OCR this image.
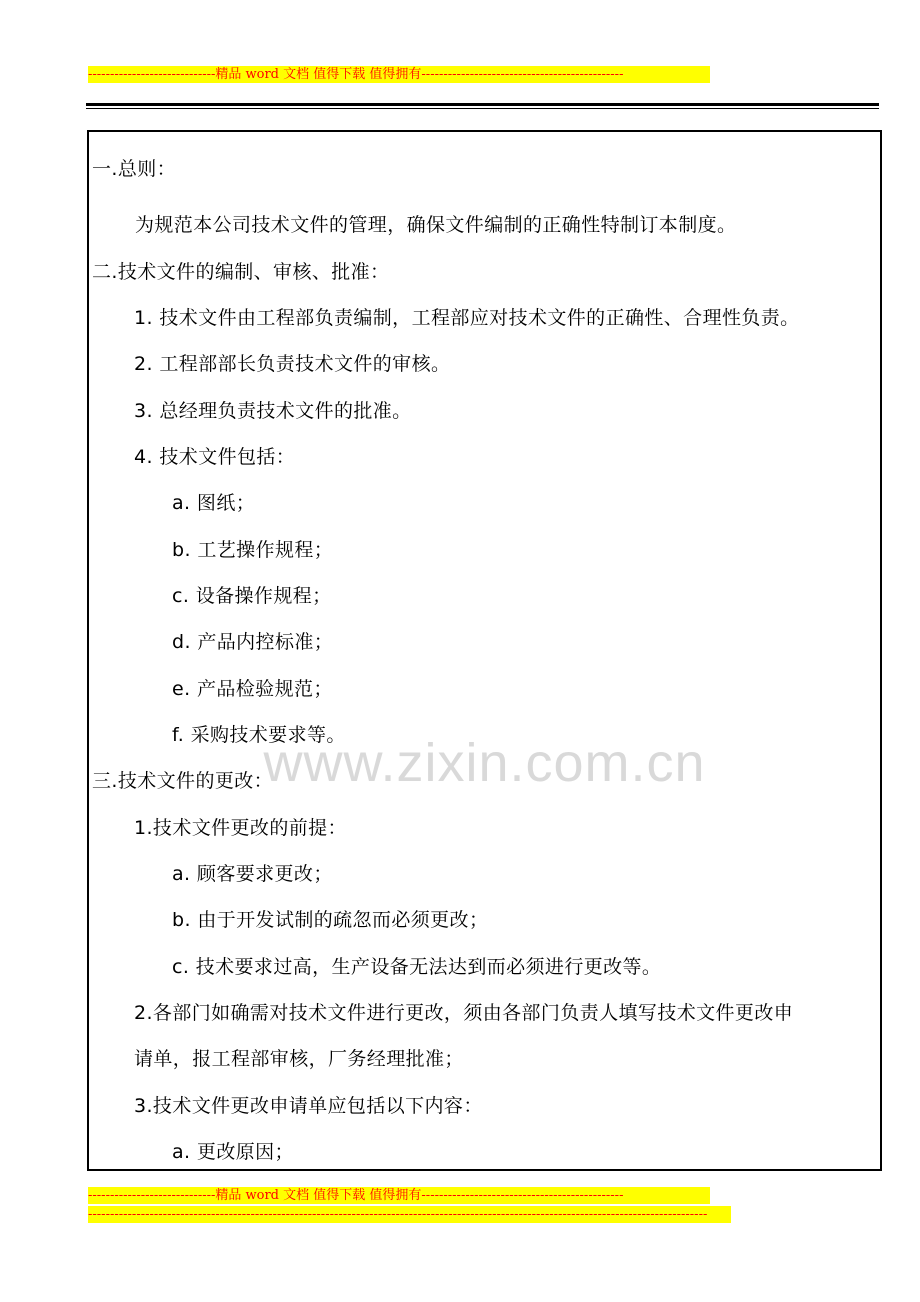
-----------------------------精品 word 文档 值得下载 值得拥有----------------------------------------------
www.zixin.com.cn
一.总则：
为规范本公司技术文件的管理，确保文件编制的正确性特制订本制度。
二.技术文件的编制、审核、批准：
1. 技术文件由工程部负责编制，工程部应对技术文件的正确性、合理性负责。
2. 工程部部长负责技术文件的审核。
3. 总经理负责技术文件的批准。
4. 技术文件包括：
a. 图纸；
b. 工艺操作规程；
c. 设备操作规程；
d. 产品内控标准；
e. 产品检验规范；
f. 采购技术要求等。
三.技术文件的更改：
1.技术文件更改的前提：
a. 顾客要求更改；
b. 由于开发试制的疏忽而必须更改；
c. 技术要求过高，生产设备无法达到而必须进行更改等。
2.各部门如确需对技术文件进行更改，须由各部门负责人填写技术文件更改申
请单，报工程部审核，厂务经理批准；
3.技术文件更改申请单应包括以下内容：
a. 更改原因；
-----------------------------精品 word 文档 值得下载 值得拥有----------------------------------------------
---------------------------------------------------------------------------------------------------------------------------------------------
